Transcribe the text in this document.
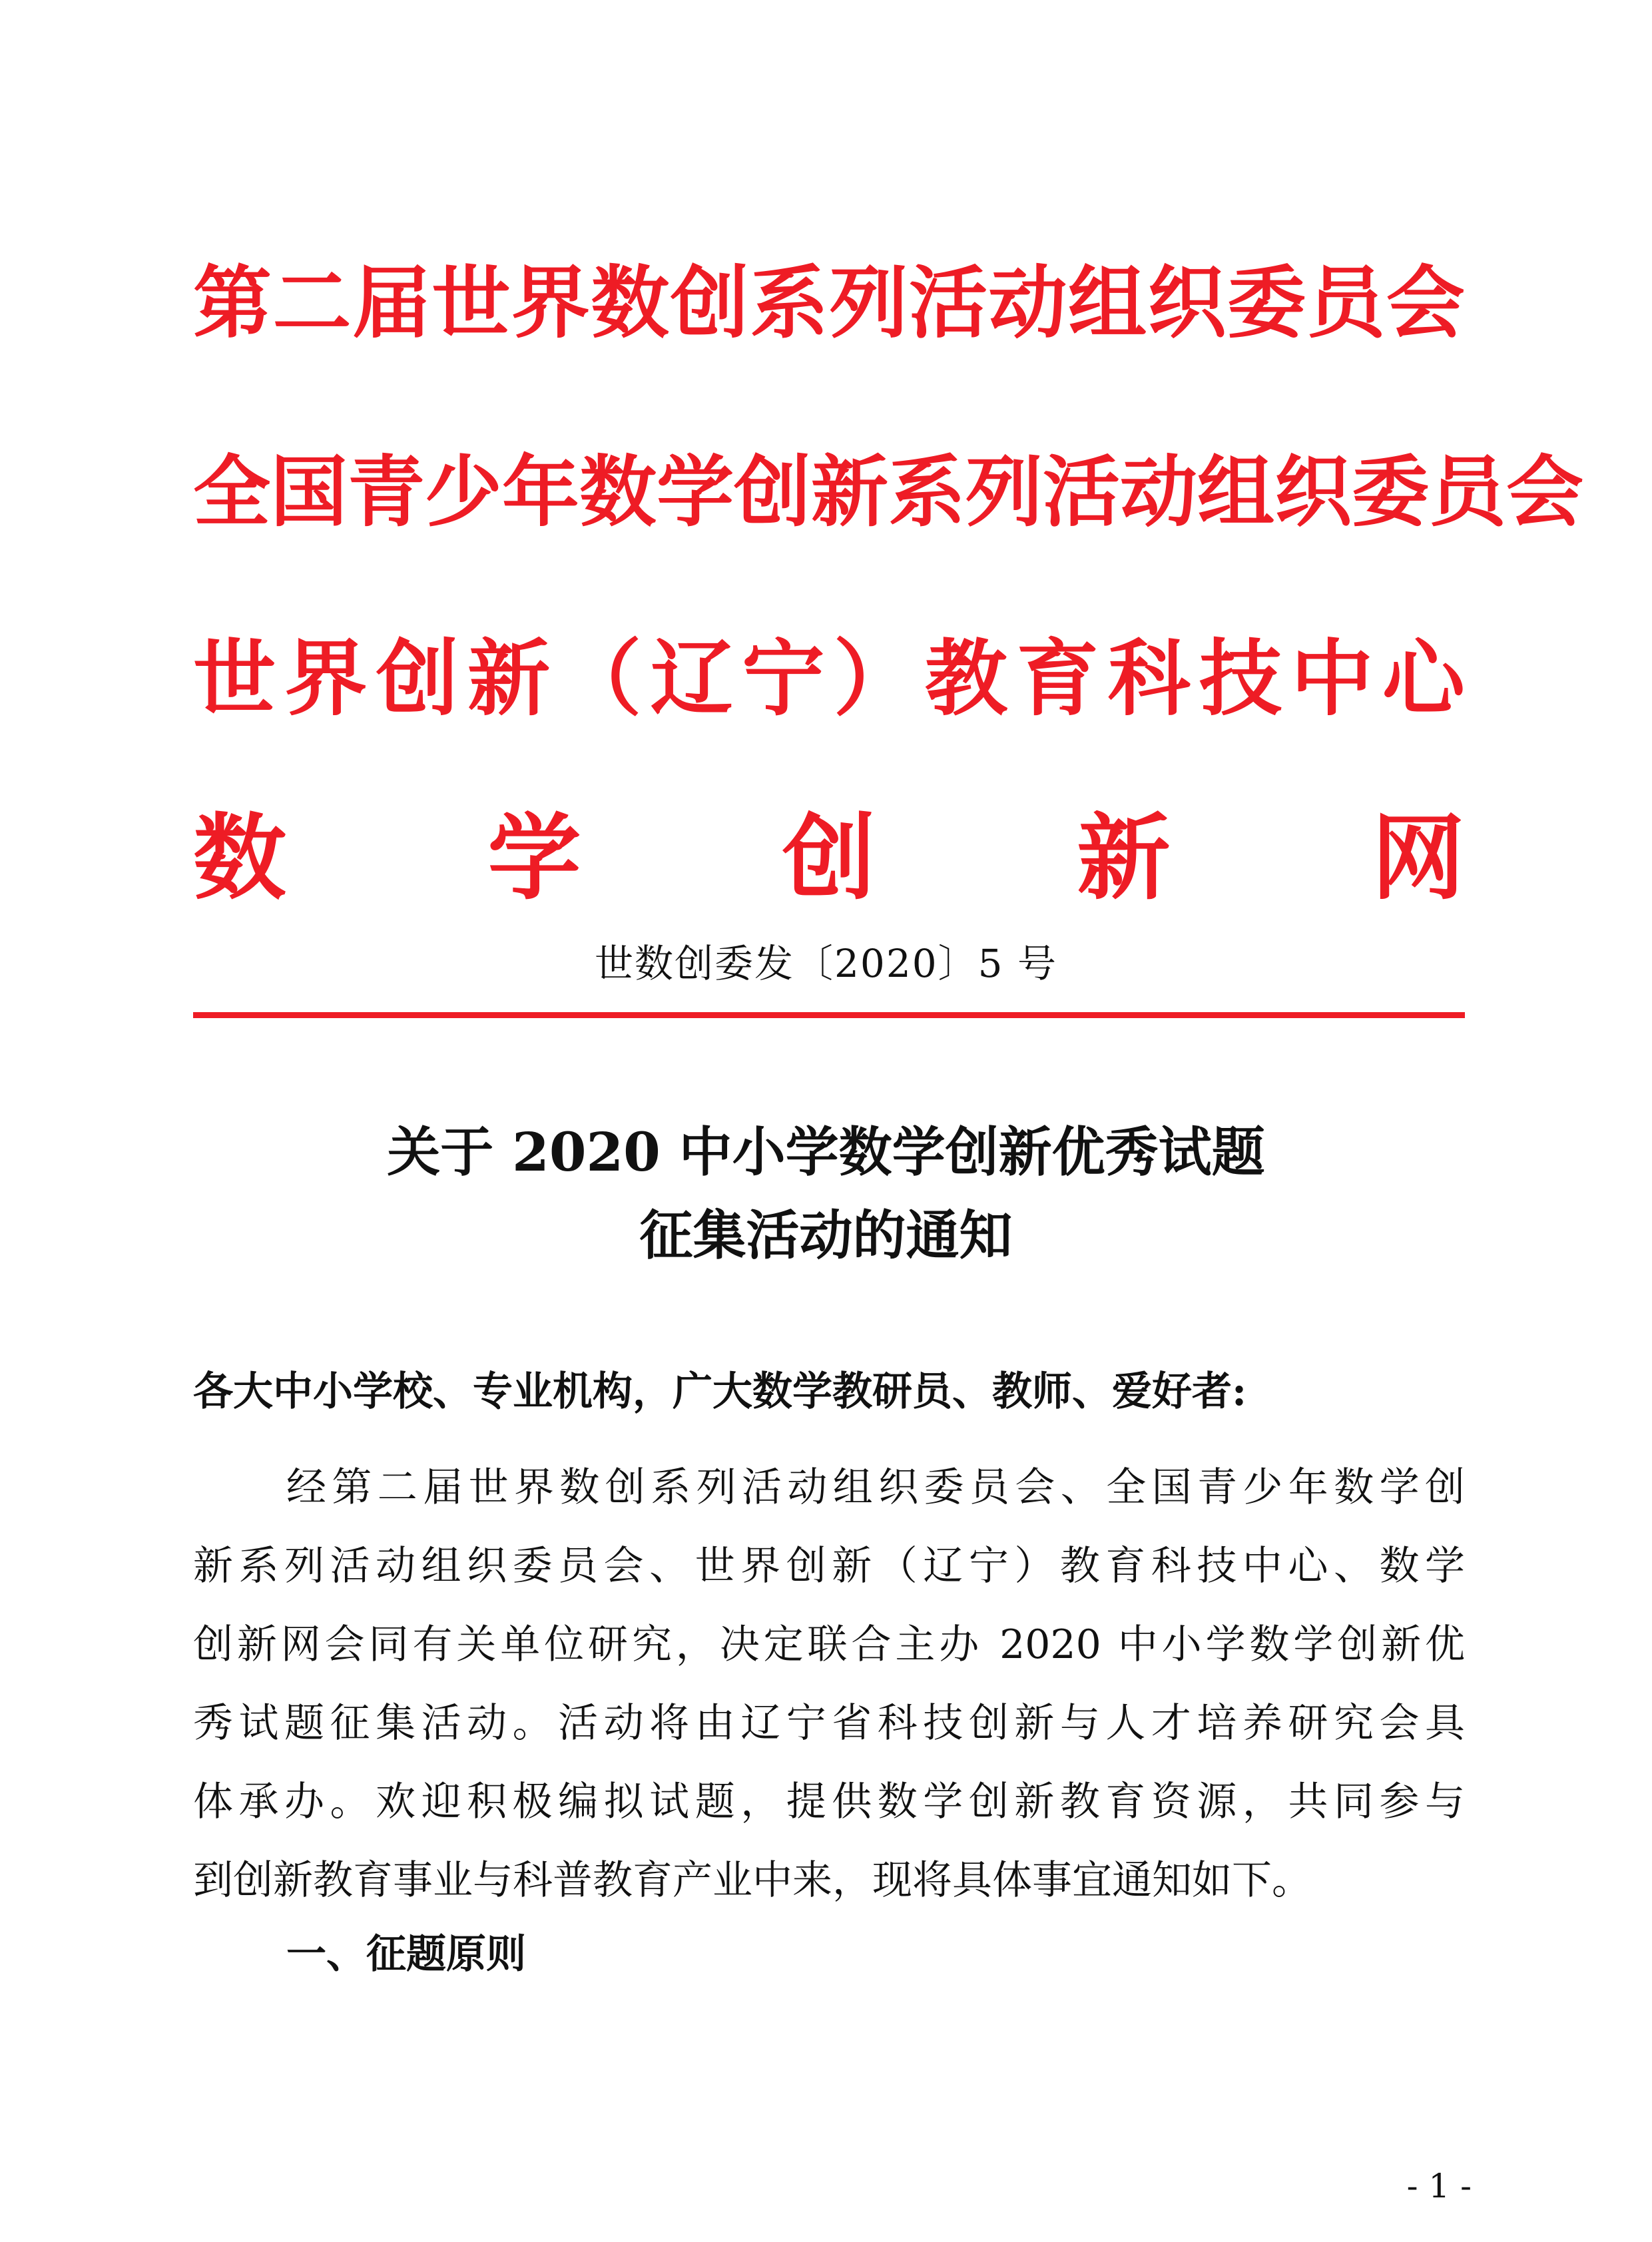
第 二 届 世 界 数 创 系 列 活 动 组 织 委 员 会
全 国 青 少 年 数 学 创 新 系 列 活 动 组 织 委 员 会
世 界 创 新 （ 辽 宁 ） 教 育 科 技 中 心
数 学 创 新 网
世数创委发〔2020〕5 号
关于 2020 中小学数学创新优秀试题
征集活动的通知
各大中小学校、专业机构，广大数学教研员、教师、爱好者:
经第二届世界数创系列活动组织委员会、全国青少年数学创
新系列活动组织委员会、世界创新（辽宁）教育科技中心、数学
创新网会同有关单位研究，决定联合主办 2020 中小学数学创新优
秀试题征集活动。活动将由辽宁省科技创新与人才培养研究会具
体承办。欢迎积极编拟试题，提供数学创新教育资源，共同参与
到创新教育事业与科普教育产业中来，现将具体事宜通知如下。
一、征题原则
- 1 -
